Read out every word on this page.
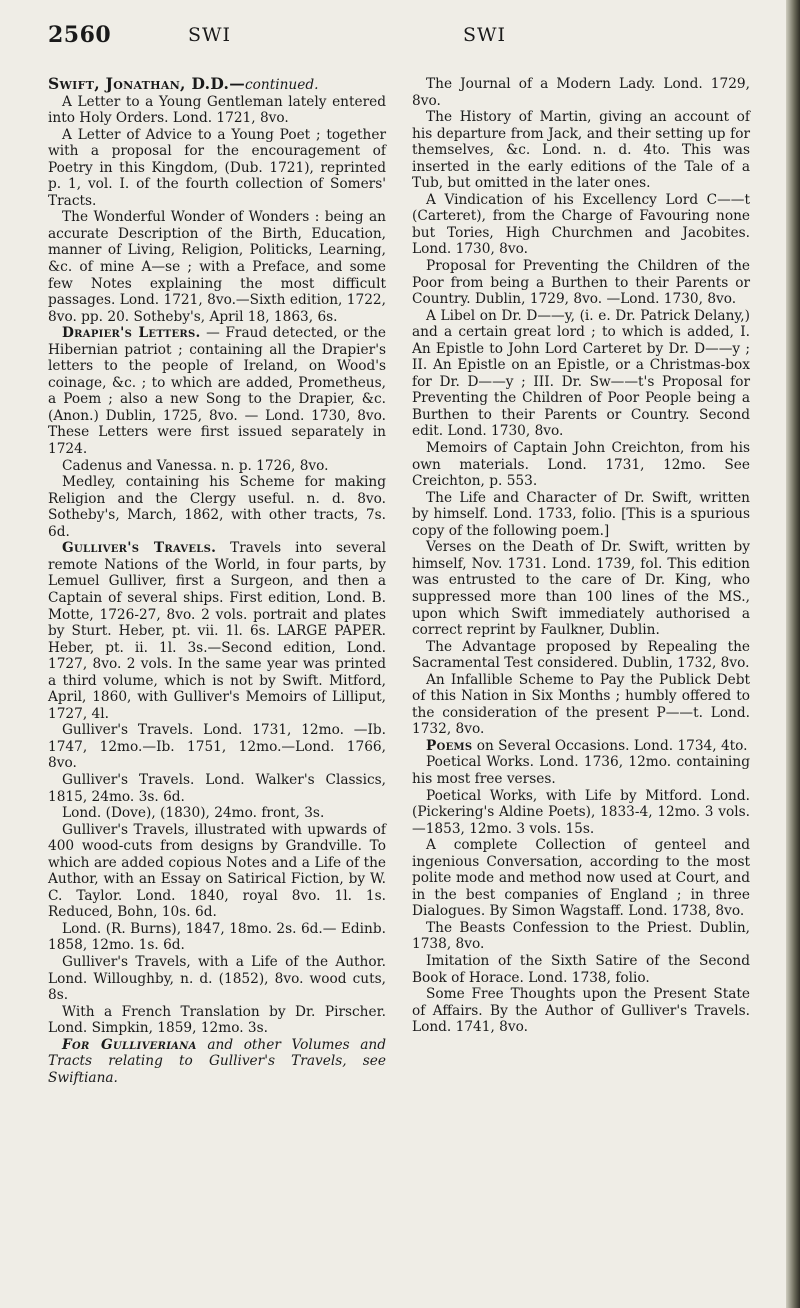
2560	SWI	SWI

Swift, Jonathan, D.D.—continued.

A Letter to a Young Gentleman lately entered into Holy Orders. Lond. 1721, 8vo.

A Letter of Advice to a Young Poet ; together with a proposal for the encouragement of Poetry in this Kingdom, (Dub. 1721), reprinted p. 1, vol. I. of the fourth collection of Somers' Tracts.

The Wonderful Wonder of Wonders : being an accurate Description of the Birth, Education, manner of Living, Religion, Politicks, Learning, &c. of mine A—se ; with a Preface, and some few Notes explaining the most difficult passages. Lond. 1721, 8vo.—Sixth edition, 1722, 8vo. pp. 20. Sotheby's, April 18, 1863, 6s.

Drapier's Letters. — Fraud detected, or the Hibernian patriot ; containing all the Drapier's letters to the people of Ireland, on Wood's coinage, &c. ; to which are added, Prometheus, a Poem ; also a new Song to the Drapier, &c. (Anon.) Dublin, 1725, 8vo. — Lond. 1730, 8vo. These Letters were first issued separately in 1724.

Cadenus and Vanessa. n. p. 1726, 8vo.

Medley, containing his Scheme for making Religion and the Clergy useful. n. d. 8vo. Sotheby's, March, 1862, with other tracts, 7s. 6d.

Gulliver's Travels. Travels into several remote Nations of the World, in four parts, by Lemuel Gulliver, first a Surgeon, and then a Captain of several ships. First edition, Lond. B. Motte, 1726-27, 8vo. 2 vols. portrait and plates by Sturt. Heber, pt. vii. 1l. 6s. LARGE PAPER. Heber, pt. ii. 1l. 3s.—Second edition, Lond. 1727, 8vo. 2 vols. In the same year was printed a third volume, which is not by Swift. Mitford, April, 1860, with Gulliver's Memoirs of Lilliput, 1727, 4l.

Gulliver's Travels. Lond. 1731, 12mo. —Ib. 1747, 12mo.—Ib. 1751, 12mo.—Lond. 1766, 8vo.

Gulliver's Travels. Lond. Walker's Classics, 1815, 24mo. 3s. 6d.

Lond. (Dove), (1830), 24mo. front, 3s.

Gulliver's Travels, illustrated with upwards of 400 wood-cuts from designs by Grandville. To which are added copious Notes and a Life of the Author, with an Essay on Satirical Fiction, by W. C. Taylor. Lond. 1840, royal 8vo. 1l. 1s. Reduced, Bohn, 10s. 6d.

Lond. (R. Burns), 1847, 18mo. 2s. 6d.— Edinb. 1858, 12mo. 1s. 6d.

Gulliver's Travels, with a Life of the Author. Lond. Willoughby, n. d. (1852), 8vo. wood cuts, 8s.

With a French Translation by Dr. Pirscher. Lond. Simpkin, 1859, 12mo. 3s.

For Gulliveriana and other Volumes and Tracts relating to Gulliver's Travels, see Swiftiana.

The Journal of a Modern Lady. Lond. 1729, 8vo.

The History of Martin, giving an account of his departure from Jack, and their setting up for themselves, &c. Lond. n. d. 4to. This was inserted in the early editions of the Tale of a Tub, but omitted in the later ones.

A Vindication of his Excellency Lord C——t (Carteret), from the Charge of Favouring none but Tories, High Churchmen and Jacobites. Lond. 1730, 8vo.

Proposal for Preventing the Children of the Poor from being a Burthen to their Parents or Country. Dublin, 1729, 8vo. —Lond. 1730, 8vo.

A Libel on Dr. D——y, (i. e. Dr. Patrick Delany,) and a certain great lord ; to which is added, I. An Epistle to John Lord Carteret by Dr. D——y ; II. An Epistle on an Epistle, or a Christmas-box for Dr. D——y ; III. Dr. Sw——t's Proposal for Preventing the Children of Poor People being a Burthen to their Parents or Country. Second edit. Lond. 1730, 8vo.

Memoirs of Captain John Creichton, from his own materials. Lond. 1731, 12mo. See Creichton, p. 553.

The Life and Character of Dr. Swift, written by himself. Lond. 1733, folio. [This is a spurious copy of the following poem.]

Verses on the Death of Dr. Swift, written by himself, Nov. 1731. Lond. 1739, fol. This edition was entrusted to the care of Dr. King, who suppressed more than 100 lines of the MS., upon which Swift immediately authorised a correct reprint by Faulkner, Dublin.

The Advantage proposed by Repealing the Sacramental Test considered. Dublin, 1732, 8vo.

An Infallible Scheme to Pay the Publick Debt of this Nation in Six Months ; humbly offered to the consideration of the present P——t. Lond. 1732, 8vo.

Poems on Several Occasions. Lond. 1734, 4to.

Poetical Works. Lond. 1736, 12mo. containing his most free verses.

Poetical Works, with Life by Mitford. Lond. (Pickering's Aldine Poets), 1833-4, 12mo. 3 vols.—1853, 12mo. 3 vols. 15s.

A complete Collection of genteel and ingenious Conversation, according to the most polite mode and method now used at Court, and in the best companies of England ; in three Dialogues. By Simon Wagstaff. Lond. 1738, 8vo.

The Beasts Confession to the Priest. Dublin, 1738, 8vo.

Imitation of the Sixth Satire of the Second Book of Horace. Lond. 1738, folio.

Some Free Thoughts upon the Present State of Affairs. By the Author of Gulliver's Travels. Lond. 1741, 8vo.
